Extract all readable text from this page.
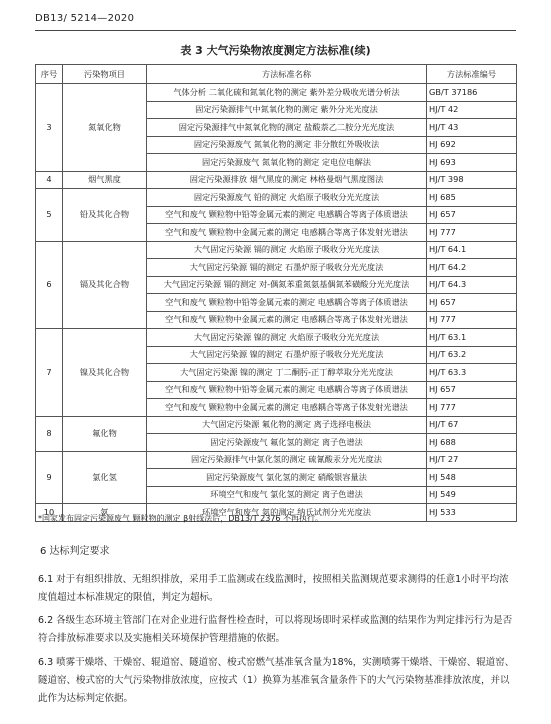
DB13/ 5214—2020
表 3 大气污染物浓度测定方法标准(续)
序号	污染物项目	方法标准名称	方法标准编号
3	氮氧化物	气体分析 二氧化硫和氮氧化物的测定 紫外差分吸收光谱分析法	GB/T 37186
		固定污染源排气中氮氧化物的测定 紫外分光光度法	HJ/T 42
		固定污染源排气中氮氧化物的测定 盐酸萘乙二胺分光光度法	HJ/T 43
		固定污染源废气 氮氧化物的测定 非分散红外吸收法	HJ 692
		固定污染源废气 氮氧化物的测定 定电位电解法	HJ 693
4	烟气黑度	固定污染源排放 烟气黑度的测定 林格曼烟气黑度图法	HJ/T 398
5	铅及其化合物	固定污染源废气 铅的测定 火焰原子吸收分光光度法	HJ 685
		空气和废气 颗粒物中铅等金属元素的测定 电感耦合等离子体质谱法	HJ 657
		空气和废气 颗粒物中金属元素的测定 电感耦合等离子体发射光谱法	HJ 777
6	镉及其化合物	大气固定污染源 镉的测定 火焰原子吸收分光光度法	HJ/T 64.1
		大气固定污染源 镉的测定 石墨炉原子吸收分光光度法	HJ/T 64.2
		大气固定污染源 镉的测定 对-偶氮苯重氮氨基偶氮苯磺酸分光光度法	HJ/T 64.3
		空气和废气 颗粒物中铅等金属元素的测定 电感耦合等离子体质谱法	HJ 657
		空气和废气 颗粒物中金属元素的测定 电感耦合等离子体发射光谱法	HJ 777
7	镍及其化合物	大气固定污染源 镍的测定 火焰原子吸收分光光度法	HJ/T 63.1
		大气固定污染源 镍的测定 石墨炉原子吸收分光光度法	HJ/T 63.2
		大气固定污染源 镍的测定 丁二酮肟-正丁醇萃取分光光度法	HJ/T 63.3
		空气和废气 颗粒物中铅等金属元素的测定 电感耦合等离子体质谱法	HJ 657
		空气和废气 颗粒物中金属元素的测定 电感耦合等离子体发射光谱法	HJ 777
8	氟化物	大气固定污染源 氟化物的测定 离子选择电极法	HJ/T 67
		固定污染源废气 氟化氢的测定 离子色谱法	HJ 688
9	氯化氢	固定污染源排气中氯化氢的测定 硫氰酸汞分光光度法	HJ/T 27
		固定污染源废气 氯化氢的测定 硝酸银容量法	HJ 548
		环境空气和废气 氯化氢的测定 离子色谱法	HJ 549
10	氨	环境空气和废气 氨的测定 纳氏试剂分光光度法	HJ 533
*国家发布固定污染源废气 颗粒物的测定 β射线法后，DB13/T 2376 不再执行。
6 达标判定要求
6.1 对于有组织排放、无组织排放，采用手工监测或在线监测时，按照相关监测规范要求测得的任意1小时平均浓度值超过本标准规定的限值，判定为超标。
6.2 各级生态环境主管部门在对企业进行监督性检查时，可以将现场即时采样或监测的结果作为判定排污行为是否符合排放标准要求以及实施相关环境保护管理措施的依据。
6.3 喷雾干燥塔、干燥窑、辊道窑、隧道窑、梭式窑燃气基准氧含量为18%，实测喷雾干燥塔、干燥窑、辊道窑、隧道窑、梭式窑的大气污染物排放浓度，应按式（1）换算为基准氧含量条件下的大气污染物基准排放浓度，并以此作为达标判定依据。
